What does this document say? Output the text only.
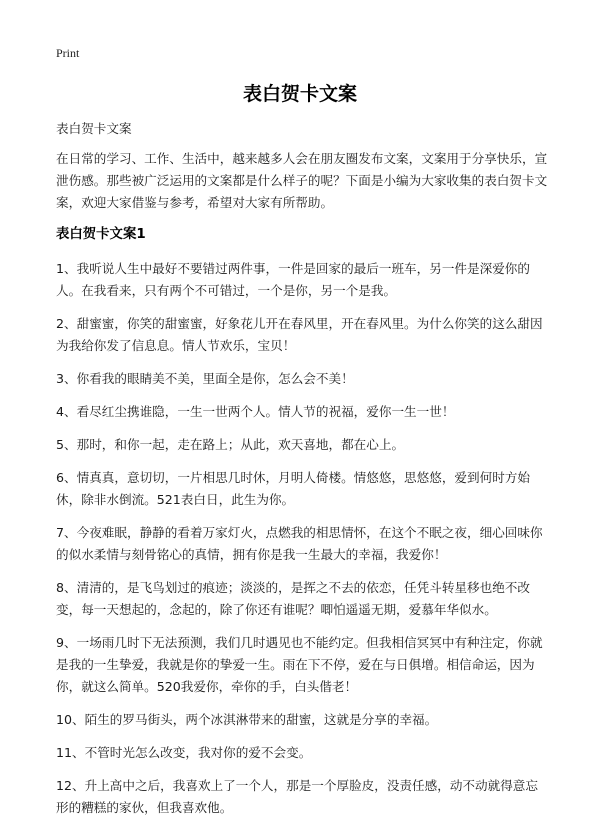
Print
表白贺卡文案

表白贺卡文案

在日常的学习、工作、生活中，越来越多人会在朋友圈发布文案，文案用于分享快乐，宣泄伤感。那些被广泛运用的文案都是什么样子的呢？下面是小编为大家收集的表白贺卡文案，欢迎大家借鉴与参考，希望对大家有所帮助。

表白贺卡文案1

1、我听说人生中最好不要错过两件事，一件是回家的最后一班车，另一件是深爱你的人。在我看来，只有两个不可错过，一个是你，另一个是我。

2、甜蜜蜜，你笑的甜蜜蜜，好象花儿开在春风里，开在春风里。为什么你笑的这么甜因为我给你发了信息息。情人节欢乐，宝贝！

3、你看我的眼睛美不美，里面全是你，怎么会不美！

4、看尽红尘携谁隐，一生一世两个人。情人节的祝福，爱你一生一世！

5、那时，和你一起，走在路上；从此，欢天喜地，都在心上。

6、情真真，意切切，一片相思几时休，月明人倚楼。情悠悠，思悠悠，爱到何时方始休，除非水倒流。521表白日，此生为你。

7、今夜难眠，静静的看着万家灯火，点燃我的相思情怀，在这个不眠之夜，细心回味你的似水柔情与刻骨铭心的真情，拥有你是我一生最大的幸福，我爱你！

8、清清的，是飞鸟划过的痕迹；淡淡的，是挥之不去的依恋，任凭斗转星移也绝不改变，每一天想起的，念起的，除了你还有谁呢？唧怕遥遥无期，爱慕年华似水。

9、一场雨几时下无法预测，我们几时遇见也不能约定。但我相信冥冥中有种注定，你就是我的一生挚爱，我就是你的挚爱一生。雨在下不停，爱在与日俱增。相信命运，因为你，就这么简单。520我爱你，牵你的手，白头偕老！

10、陌生的罗马街头，两个冰淇淋带来的甜蜜，这就是分享的幸福。

11、不管时光怎么改变，我对你的爱不会变。

12、升上高中之后，我喜欢上了一个人，那是一个厚脸皮，没责任感，动不动就得意忘形的糟糕的家伙，但我喜欢他。
